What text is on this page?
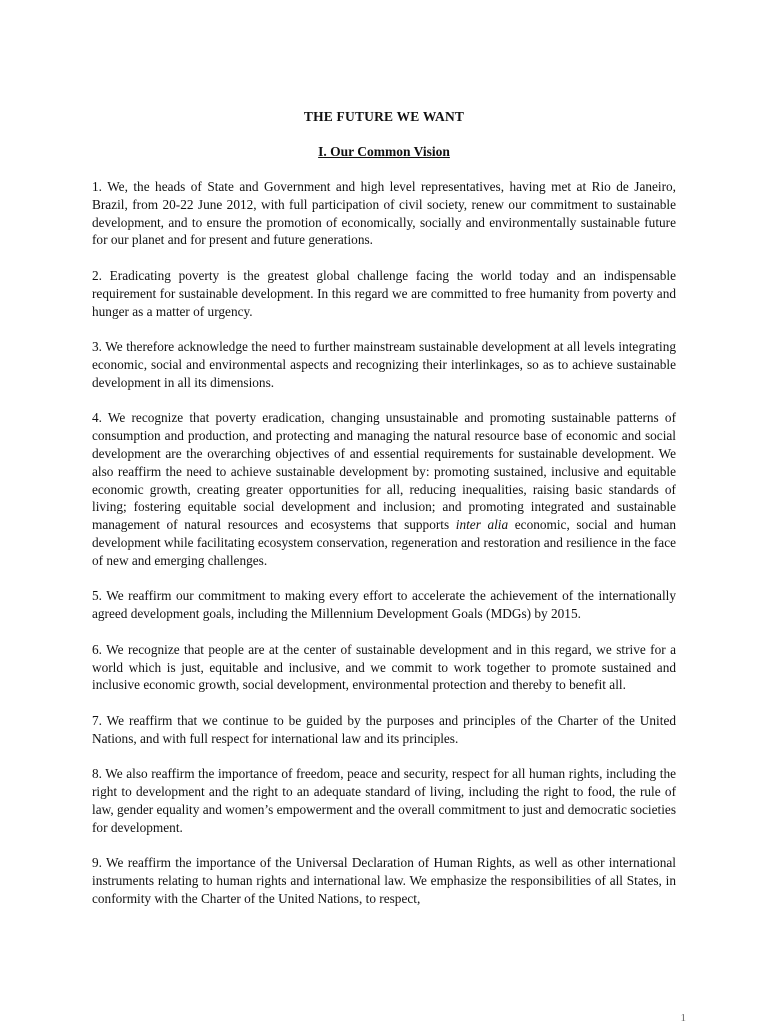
THE FUTURE WE WANT
I. Our Common Vision

1. We, the heads of State and Government and high level representatives, having met at Rio de Janeiro, Brazil, from 20-22 June 2012, with full participation of civil society, renew our commitment to sustainable development, and to ensure the promotion of economically, socially and environmentally sustainable future for our planet and for present and future generations.

2. Eradicating poverty is the greatest global challenge facing the world today and an indispensable requirement for sustainable development. In this regard we are committed to free humanity from poverty and hunger as a matter of urgency.

3. We therefore acknowledge the need to further mainstream sustainable development at all levels integrating economic, social and environmental aspects and recognizing their interlinkages, so as to achieve sustainable development in all its dimensions.

4. We recognize that poverty eradication, changing unsustainable and promoting sustainable patterns of consumption and production, and protecting and managing the natural resource base of economic and social development are the overarching objectives of and essential requirements for sustainable development. We also reaffirm the need to achieve sustainable development by: promoting sustained, inclusive and equitable economic growth, creating greater opportunities for all, reducing inequalities, raising basic standards of living; fostering equitable social development and inclusion; and promoting integrated and sustainable management of natural resources and ecosystems that supports inter alia economic, social and human development while facilitating ecosystem conservation, regeneration and restoration and resilience in the face of new and emerging challenges.

5. We reaffirm our commitment to making every effort to accelerate the achievement of the internationally agreed development goals, including the Millennium Development Goals (MDGs) by 2015.

6. We recognize that people are at the center of sustainable development and in this regard, we strive for a world which is just, equitable and inclusive, and we commit to work together to promote sustained and inclusive economic growth, social development, environmental protection and thereby to benefit all.

7. We reaffirm that we continue to be guided by the purposes and principles of the Charter of the United Nations, and with full respect for international law and its principles.

8. We also reaffirm the importance of freedom, peace and security, respect for all human rights, including the right to development and the right to an adequate standard of living, including the right to food, the rule of law, gender equality and women’s empowerment and the overall commitment to just and democratic societies for development.

9. We reaffirm the importance of the Universal Declaration of Human Rights, as well as other international instruments relating to human rights and international law. We emphasize the responsibilities of all States, in conformity with the Charter of the United Nations, to respect,

1
